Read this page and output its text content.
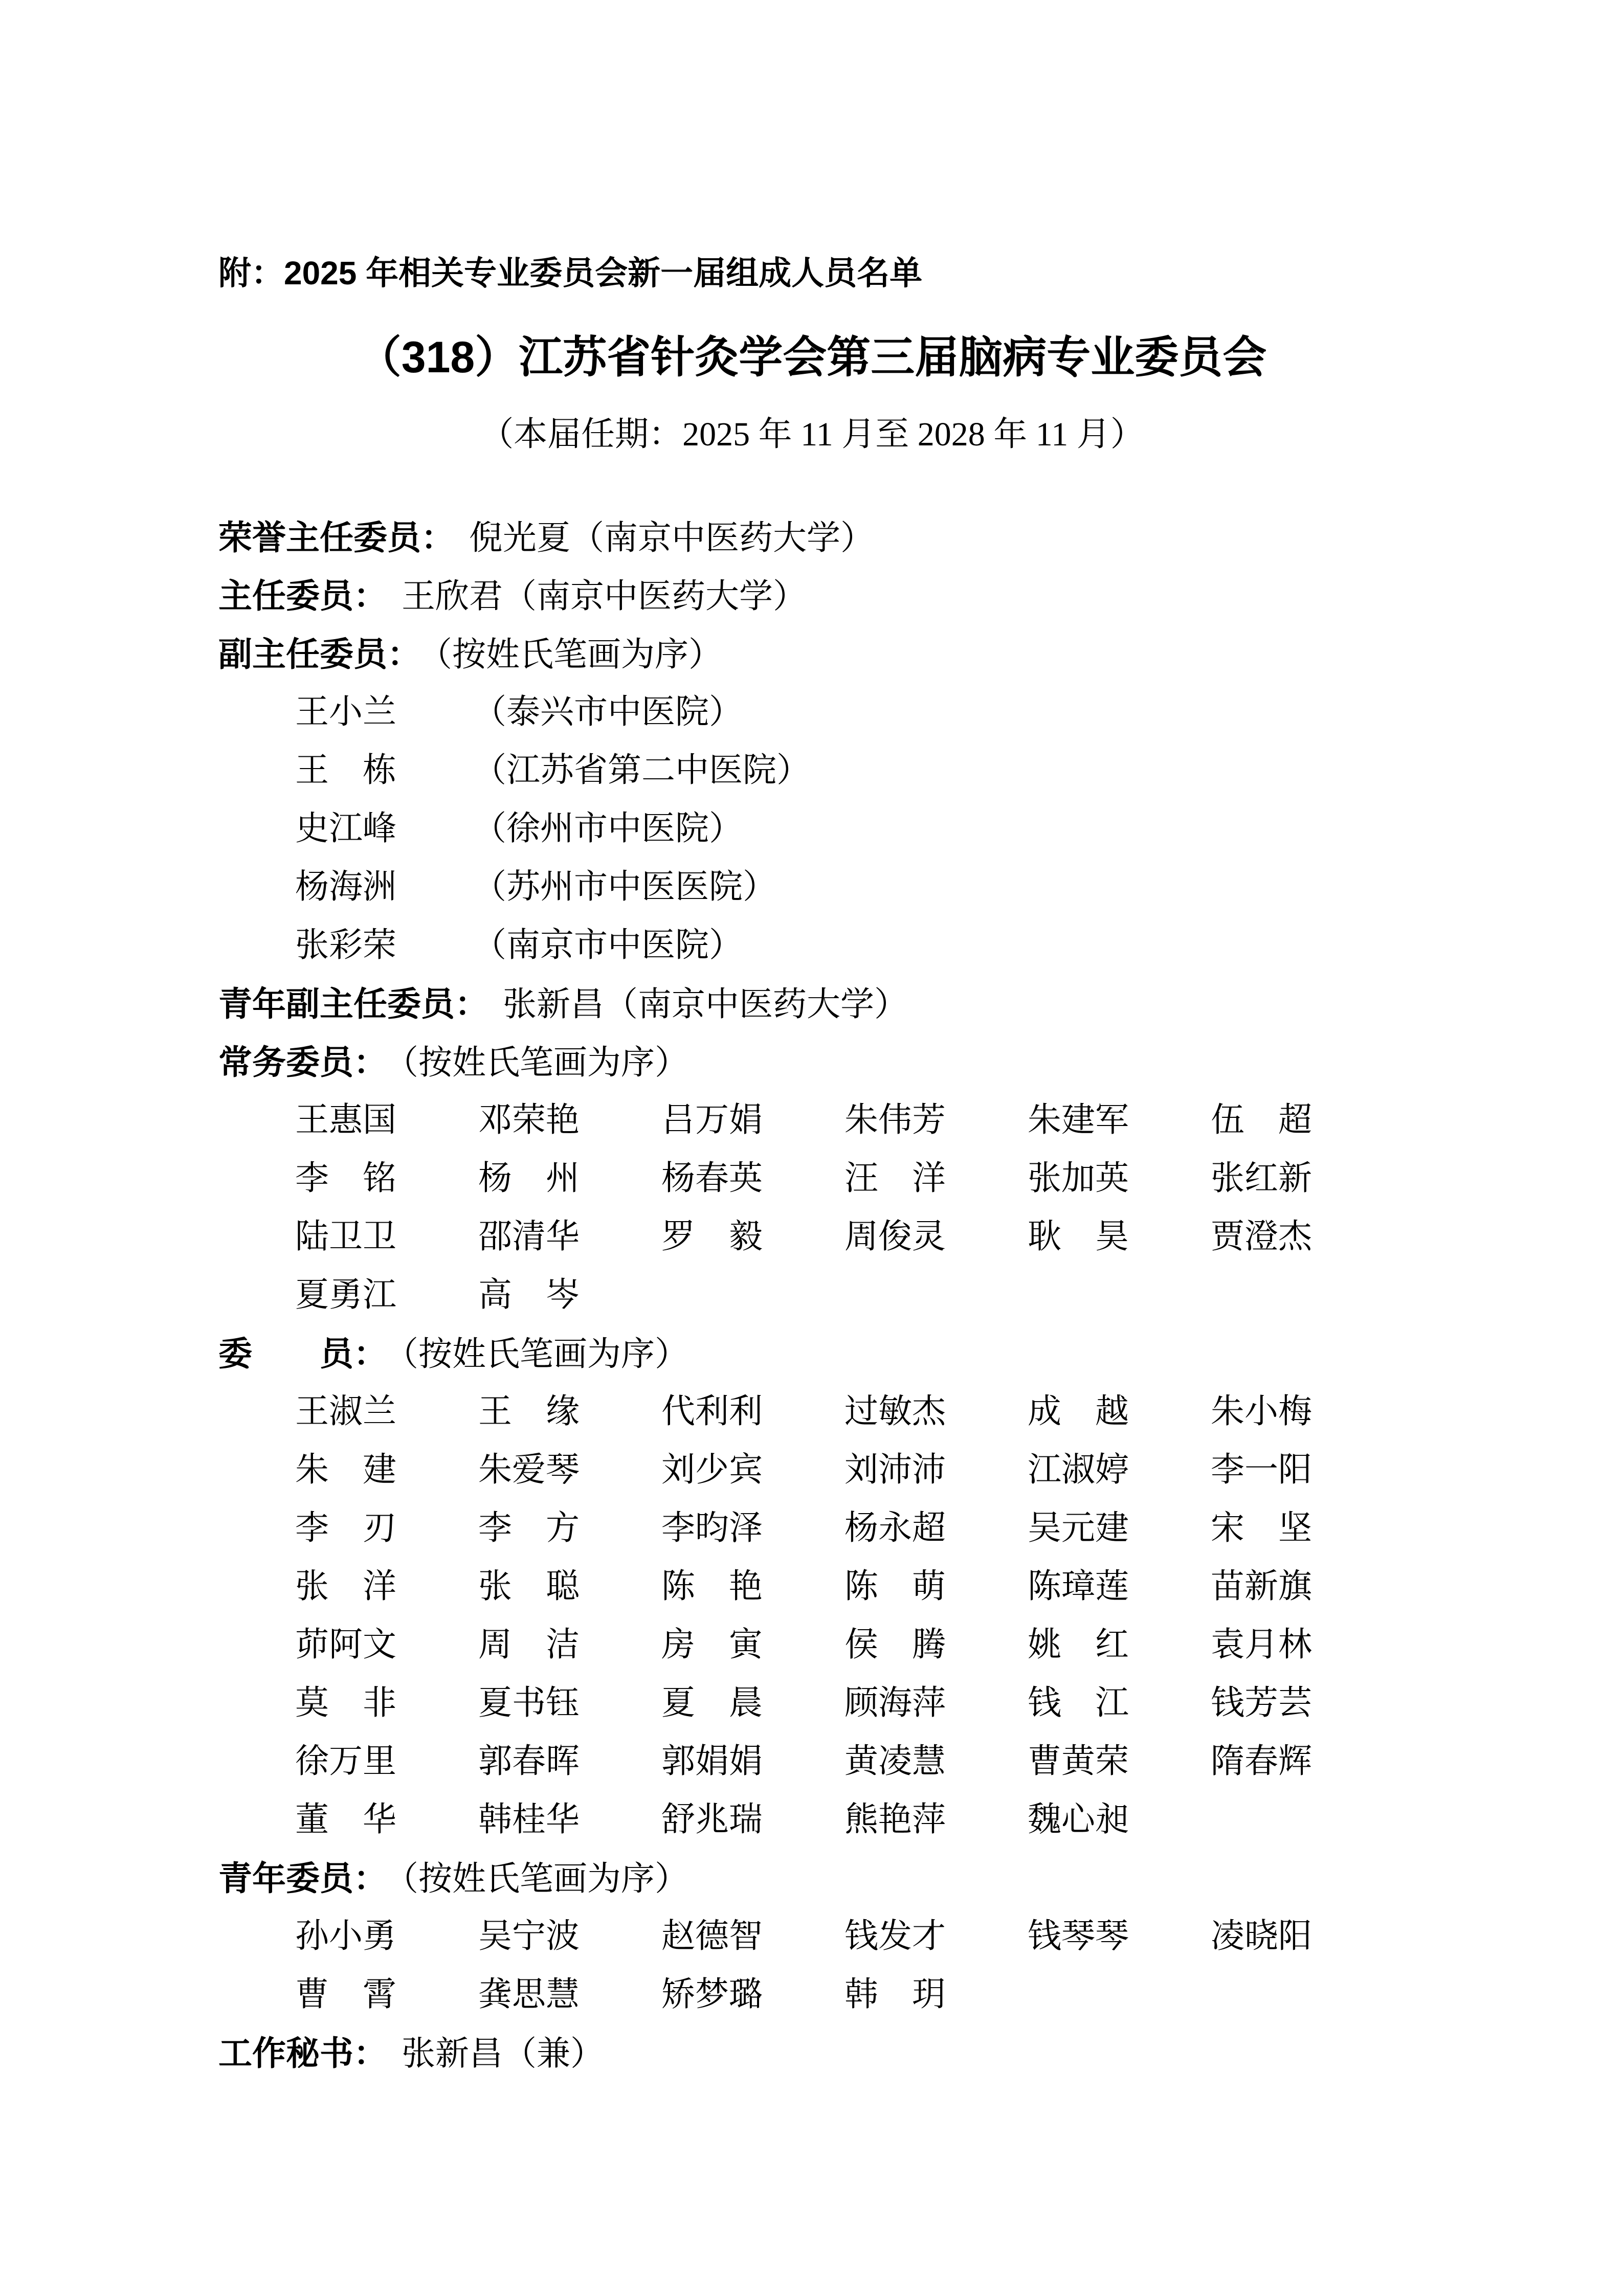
附：2025 年相关专业委员会新一届组成人员名单
（318）江苏省针灸学会第三届脑病专业委员会
（本届任期：2025 年 11 月至 2028 年 11 月）
荣誉主任委员： 倪光夏（南京中医药大学）
主任委员： 王欣君（南京中医药大学）
副主任委员： （按姓氏笔画为序）
王小兰 （泰兴市中医院）
王　栋 （江苏省第二中医院）
史江峰 （徐州市中医院）
杨海洲 （苏州市中医医院）
张彩荣 （南京市中医院）
青年副主任委员： 张新昌（南京中医药大学）
常务委员： （按姓氏笔画为序）
王惠国 邓荣艳 吕万娟 朱伟芳 朱建军 伍　超
李　铭 杨　州 杨春英 汪　洋 张加英 张红新
陆卫卫 邵清华 罗　毅 周俊灵 耿　昊 贾澄杰
夏勇江 高　岑
委　　员： （按姓氏笔画为序）
王淑兰 王　缘 代利利 过敏杰 成　越 朱小梅
朱　建 朱爱琴 刘少宾 刘沛沛 江淑婷 李一阳
李　刃 李　方 李昀泽 杨永超 吴元建 宋　坚
张　洋 张　聪 陈　艳 陈　萌 陈璋莲 苗新旗
茆阿文 周　洁 房　寅 侯　腾 姚　红 袁月林
莫　非 夏书钰 夏　晨 顾海萍 钱　江 钱芳芸
徐万里 郭春晖 郭娟娟 黄凌慧 曹黄荣 隋春辉
董　华 韩桂华 舒兆瑞 熊艳萍 魏心昶
青年委员： （按姓氏笔画为序）
孙小勇 吴宁波 赵德智 钱发才 钱琴琴 凌晓阳
曹　霄 龚思慧 矫梦璐 韩　玥
工作秘书： 张新昌（兼）
